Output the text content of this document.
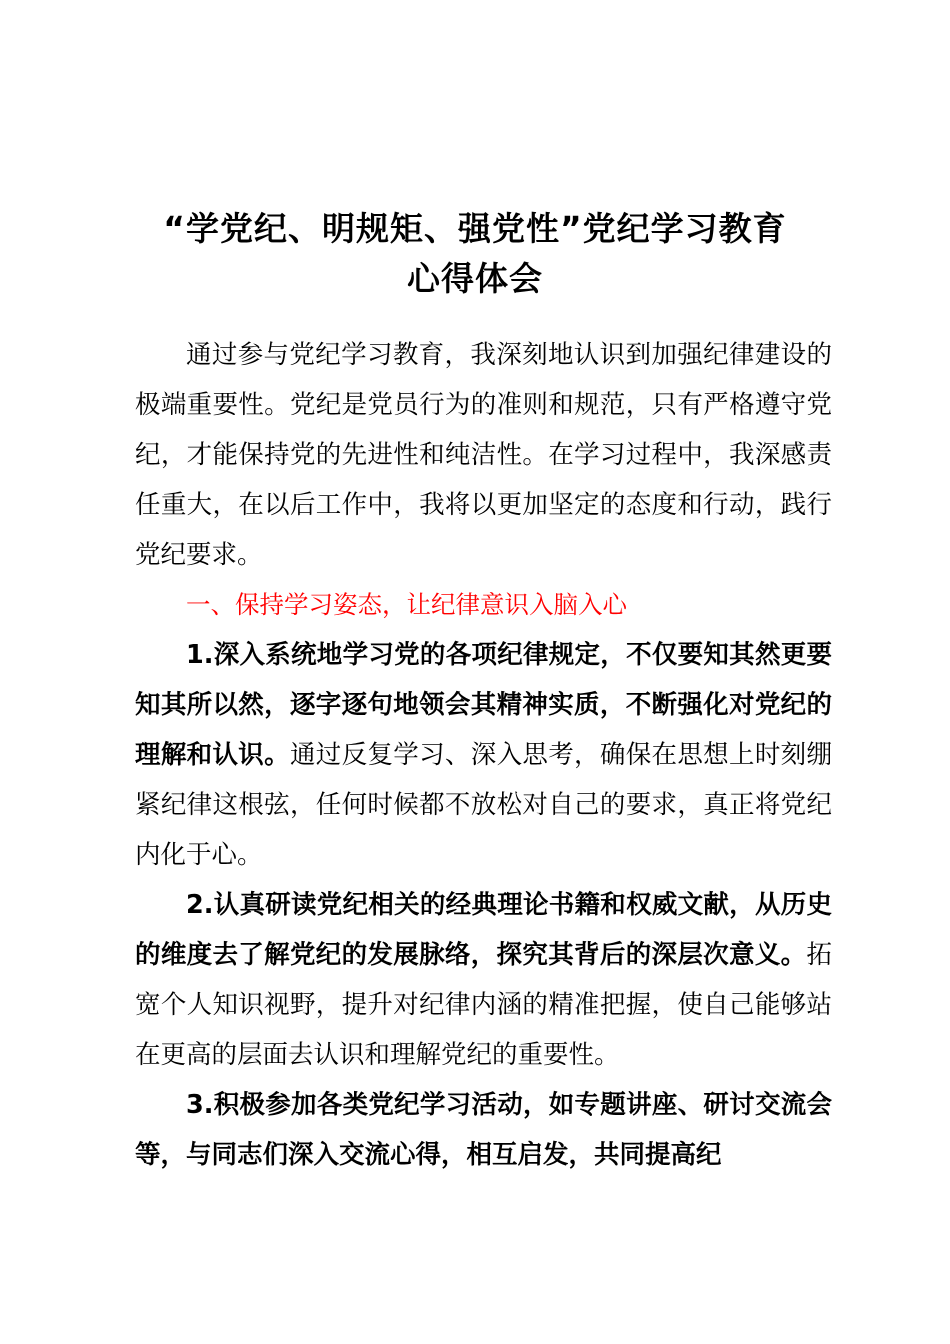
“学党纪、明规矩、强党性”党纪学习教育
心得体会

通过参与党纪学习教育，我深刻地认识到加强纪律建设的极端重要性。党纪是党员行为的准则和规范，只有严格遵守党纪，才能保持党的先进性和纯洁性。在学习过程中，我深感责任重大，在以后工作中，我将以更加坚定的态度和行动，践行党纪要求。

一、保持学习姿态，让纪律意识入脑入心

1.深入系统地学习党的各项纪律规定，不仅要知其然更要知其所以然，逐字逐句地领会其精神实质，不断强化对党纪的理解和认识。通过反复学习、深入思考，确保在思想上时刻绷紧纪律这根弦，任何时候都不放松对自己的要求，真正将党纪内化于心。

2.认真研读党纪相关的经典理论书籍和权威文献，从历史的维度去了解党纪的发展脉络，探究其背后的深层次意义。拓宽个人知识视野，提升对纪律内涵的精准把握，使自己能够站在更高的层面去认识和理解党纪的重要性。

3.积极参加各类党纪学习活动，如专题讲座、研讨交流会等，与同志们深入交流心得，相互启发，共同提高纪
